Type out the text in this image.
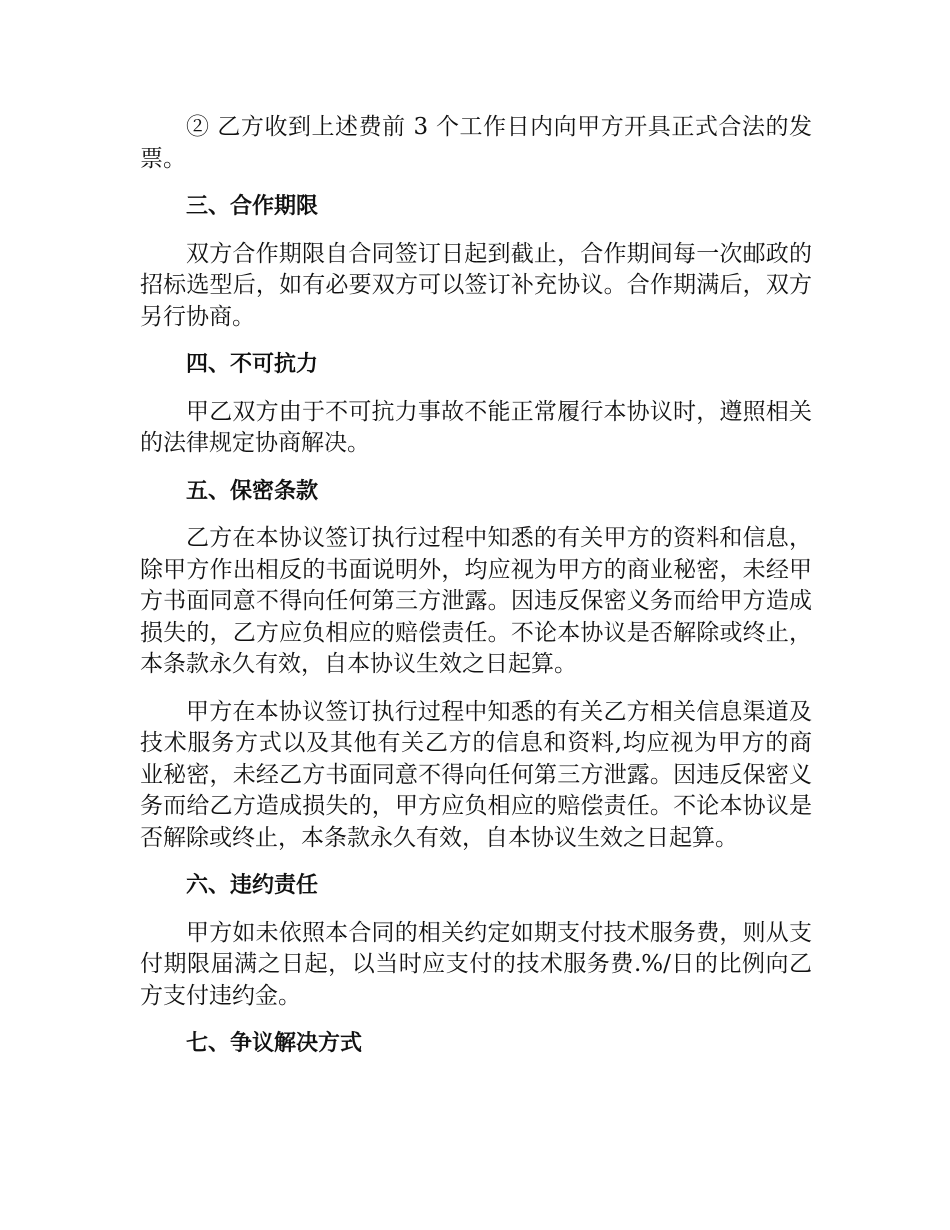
② 乙方收到上述费前 3 个工作日内向甲方开具正式合法的发票。

三、合作期限

双方合作期限自合同签订日起到截止，合作期间每一次邮政的招标选型后，如有必要双方可以签订补充协议。合作期满后，双方另行协商。

四、不可抗力

甲乙双方由于不可抗力事故不能正常履行本协议时，遵照相关的法律规定协商解决。

五、保密条款

乙方在本协议签订执行过程中知悉的有关甲方的资料和信息，除甲方作出相反的书面说明外，均应视为甲方的商业秘密，未经甲方书面同意不得向任何第三方泄露。因违反保密义务而给甲方造成损失的，乙方应负相应的赔偿责任。不论本协议是否解除或终止，本条款永久有效，自本协议生效之日起算。

甲方在本协议签订执行过程中知悉的有关乙方相关信息渠道及技术服务方式以及其他有关乙方的信息和资料,均应视为甲方的商业秘密，未经乙方书面同意不得向任何第三方泄露。因违反保密义务而给乙方造成损失的，甲方应负相应的赔偿责任。不论本协议是否解除或终止，本条款永久有效，自本协议生效之日起算。

六、违约责任

甲方如未依照本合同的相关约定如期支付技术服务费，则从支付期限届满之日起，以当时应支付的技术服务费.%/日的比例向乙方支付违约金。

七、争议解决方式
